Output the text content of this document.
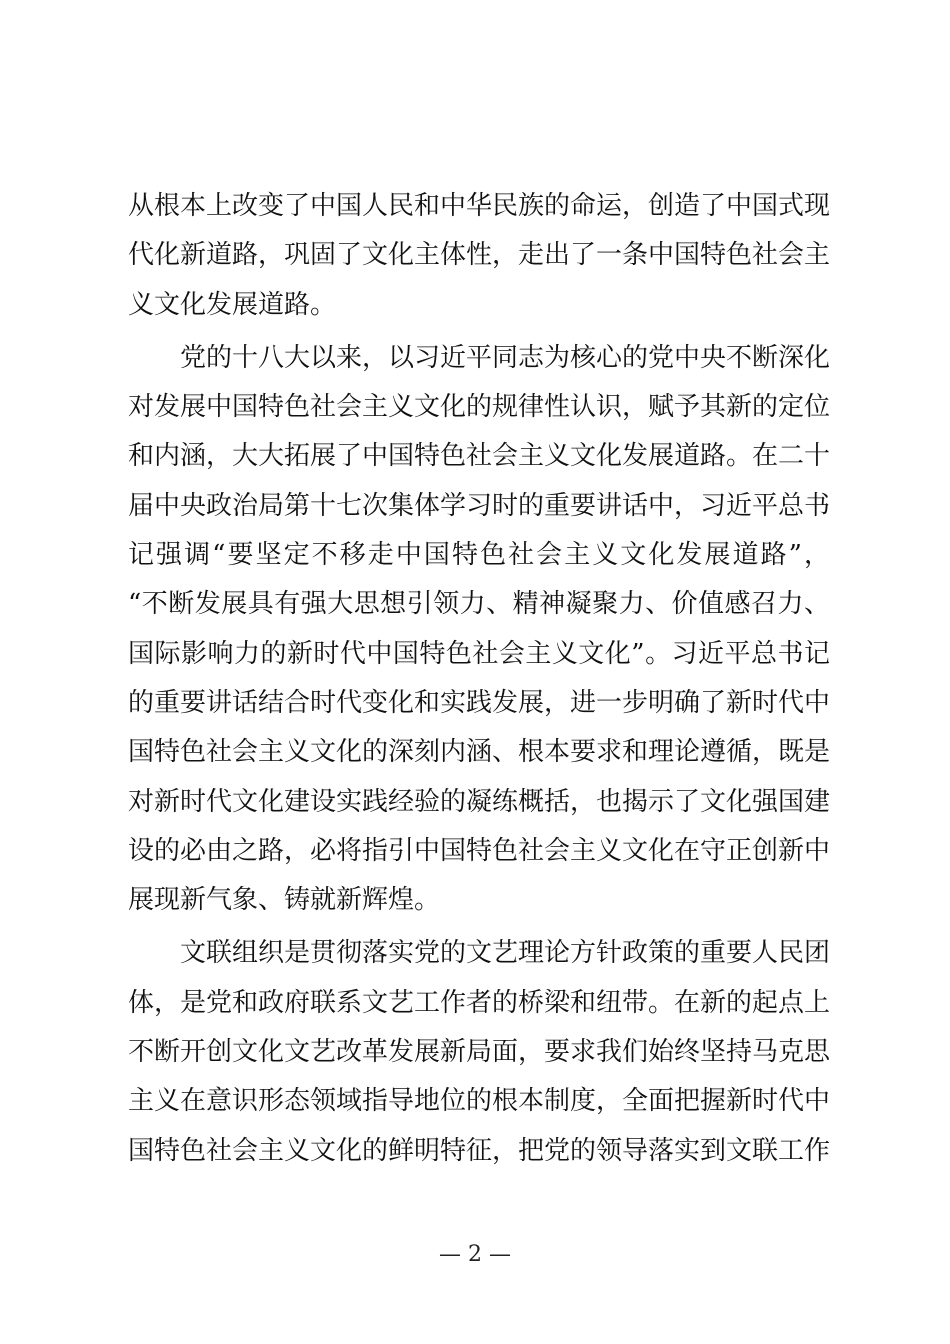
从根本上改变了中国人民和中华民族的命运，创造了中国式现
代化新道路，巩固了文化主体性，走出了一条中国特色社会主
义文化发展道路。

党的十八大以来，以习近平同志为核心的党中央不断深化
对发展中国特色社会主义文化的规律性认识，赋予其新的定位
和内涵，大大拓展了中国特色社会主义文化发展道路。在二十
届中央政治局第十七次集体学习时的重要讲话中，习近平总书
记强调“要坚定不移走中国特色社会主义文化发展道路”，
“不断发展具有强大思想引领力、精神凝聚力、价值感召力、
国际影响力的新时代中国特色社会主义文化”。习近平总书记
的重要讲话结合时代变化和实践发展，进一步明确了新时代中
国特色社会主义文化的深刻内涵、根本要求和理论遵循，既是
对新时代文化建设实践经验的凝练概括，也揭示了文化强国建
设的必由之路，必将指引中国特色社会主义文化在守正创新中
展现新气象、铸就新辉煌。

文联组织是贯彻落实党的文艺理论方针政策的重要人民团
体，是党和政府联系文艺工作者的桥梁和纽带。在新的起点上
不断开创文化文艺改革发展新局面，要求我们始终坚持马克思
主义在意识形态领域指导地位的根本制度，全面把握新时代中
国特色社会主义文化的鲜明特征，把党的领导落实到文联工作

— 2 —
